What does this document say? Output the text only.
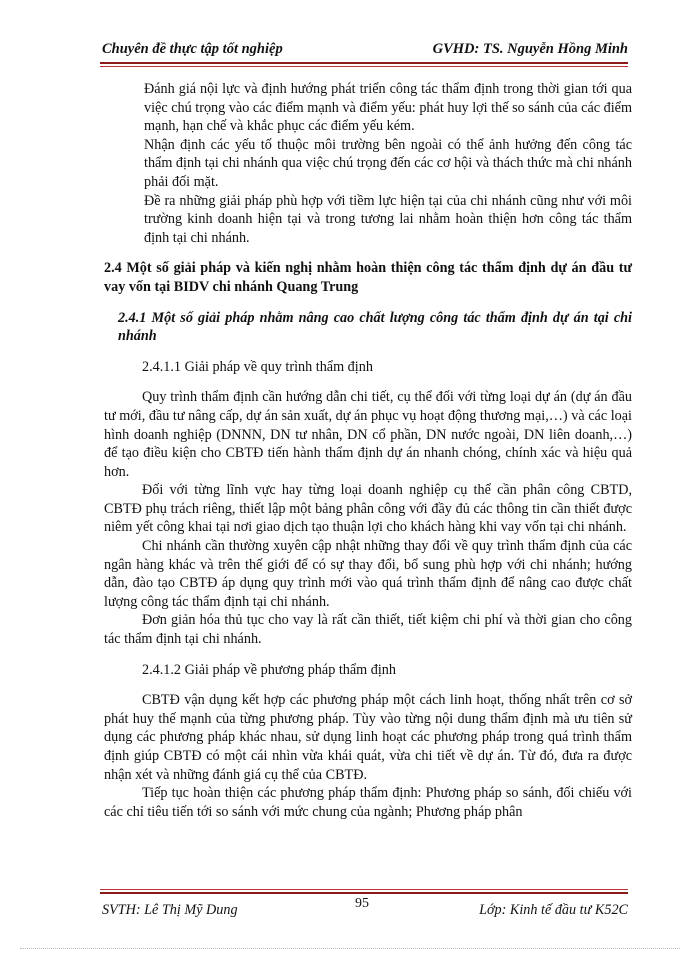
Chuyên đề thực tập tốt nghiệp	GVHD: TS. Nguyễn Hồng Minh

Đánh giá nội lực và định hướng phát triển công tác thẩm định trong thời gian tới qua việc chú trọng vào các điểm mạnh và điểm yếu: phát huy lợi thế so sánh của các điểm mạnh, hạn chế và khắc phục các điểm yếu kém.

Nhận định các yếu tố thuộc môi trường bên ngoài có thể ảnh hưởng đến công tác thẩm định tại chi nhánh qua việc chú trọng đến các cơ hội và thách thức mà chi nhánh phải đối mặt.

Đề ra những giải pháp phù hợp với tiềm lực hiện tại của chi nhánh cũng như với môi trường kinh doanh hiện tại và trong tương lai nhằm hoàn thiện hơn công tác thẩm định tại chi nhánh.

2.4 Một số giải pháp và kiến nghị nhằm hoàn thiện công tác thẩm định dự án đầu tư vay vốn tại BIDV chi nhánh Quang Trung

2.4.1 Một số giải pháp nhằm nâng cao chất lượng công tác thẩm định dự án tại chi nhánh

2.4.1.1 Giải pháp về quy trình thẩm định

Quy trình thẩm định cần hướng dẫn chi tiết, cụ thể đối với từng loại dự án (dự án đầu tư mới, đầu tư nâng cấp, dự án sản xuất, dự án phục vụ hoạt động thương mại,…) và các loại hình doanh nghiệp (DNNN, DN tư nhân, DN cổ phần, DN nước ngoài, DN liên doanh,…) để tạo điều kiện cho CBTĐ tiến hành thẩm định dự án nhanh chóng, chính xác và hiệu quả hơn.

Đối với từng lĩnh vực hay từng loại doanh nghiệp cụ thể cần phân công CBTD, CBTĐ phụ trách riêng, thiết lập một bảng phân công với đầy đủ các thông tin cần thiết được niêm yết công khai tại nơi giao dịch tạo thuận lợi cho khách hàng khi vay vốn tại chi nhánh.

Chi nhánh cần thường xuyên cập nhật những thay đổi về quy trình thẩm định của các ngân hàng khác và trên thế giới để có sự thay đổi, bổ sung phù hợp với chi nhánh; hướng dẫn, đào tạo CBTĐ áp dụng quy trình mới vào quá trình thẩm định để nâng cao được chất lượng công tác thẩm định tại chi nhánh.

Đơn giản hóa thủ tục cho vay là rất cần thiết, tiết kiệm chi phí và thời gian cho công tác thẩm định tại chi nhánh.

2.4.1.2 Giải pháp về phương pháp thẩm định

CBTĐ vận dụng kết hợp các phương pháp một cách linh hoạt, thống nhất trên cơ sở phát huy thế mạnh của từng phương pháp. Tùy vào từng nội dung thẩm định mà ưu tiên sử dụng các phương pháp khác nhau, sử dụng linh hoạt các phương pháp trong quá trình thẩm định giúp CBTĐ có một cái nhìn vừa khái quát, vừa chi tiết về dự án. Từ đó, đưa ra được nhận xét và những đánh giá cụ thể của CBTĐ.

Tiếp tục hoàn thiện các phương pháp thẩm định: Phương pháp so sánh, đối chiếu với các chỉ tiêu tiến tới so sánh với mức chung của ngành; Phương pháp phân

SVTH: Lê Thị Mỹ Dung	95	Lớp: Kinh tế đầu tư K52C
